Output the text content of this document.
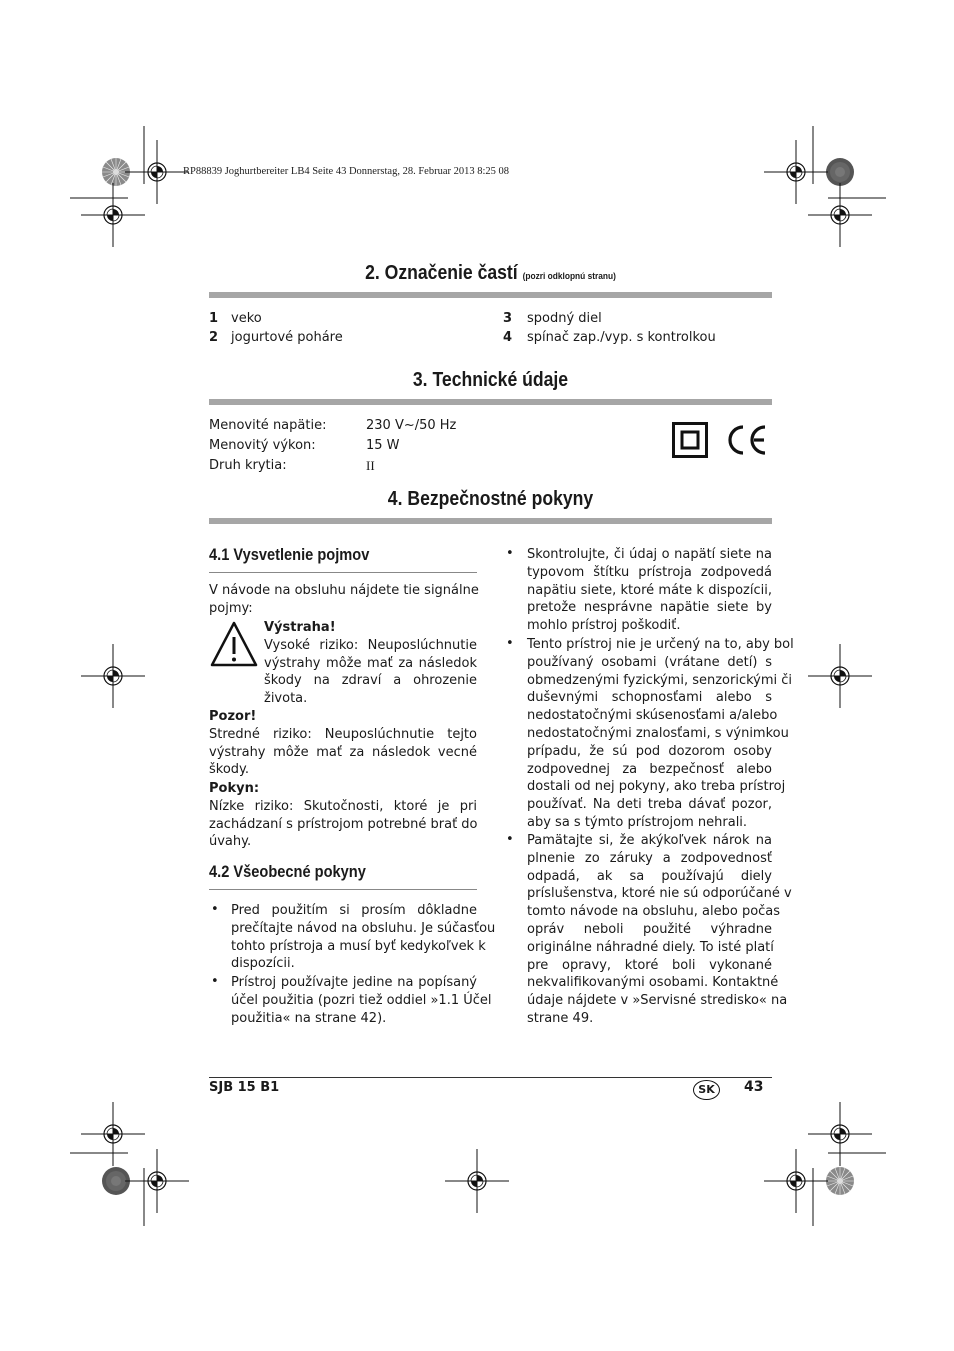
RP88839 Joghurtbereiter LB4 Seite 43 Donnerstag, 28. Februar 2013 8:25 08
2. Označenie častí (pozri odklopnú stranu)
1 veko
2 jogurtové poháre
3 spodný diel
4 spínač zap./vyp. s kontrolkou
3. Technické údaje
Menovité napätie:	230 V~/50 Hz
Menovitý výkon:	15 W
Druh krytia:	II
4. Bezpečnostné pokyny
4.1 Vysvetlenie pojmov
V návode na obsluhu nájdete tie signálne
pojmy:
Výstraha!
Vysoké riziko: Neuposlúchnutie
výstrahy môže mať za následok
škody na zdraví a ohrozenie
života.
Pozor!
Stredné riziko: Neuposlúchnutie tejto
výstrahy môže mať za následok vecné
škody.
Pokyn:
Nízke riziko: Skutočnosti, ktoré je pri
zachádzaní s prístrojom potrebné brať do
úvahy.
4.2 Všeobecné pokyny
• Pred použitím si prosím dôkladne
prečítajte návod na obsluhu. Je súčasťou
tohto prístroja a musí byť kedykoľvek k
dispozícii.
• Prístroj používajte jedine na popísaný
účel použitia (pozri tiež oddiel »1.1 Účel
použitia« na strane 42).
• Skontrolujte, či údaj o napätí siete na
typovom štítku prístroja zodpovedá
napätiu siete, ktoré máte k dispozícii,
pretože nesprávne napätie siete by
mohlo prístroj poškodiť.
• Tento prístroj nie je určený na to, aby bol
používaný osobami (vrátane detí) s
obmedzenými fyzickými, senzorickými či
duševnými schopnosťami alebo s
nedostatočnými skúsenosťami a/alebo
nedostatočnými znalosťami, s výnimkou
prípadu, že sú pod dozorom osoby
zodpovednej za bezpečnosť alebo
dostali od nej pokyny, ako treba prístroj
používať. Na deti treba dávať pozor,
aby sa s týmto prístrojom nehrali.
• Pamätajte si, že akýkoľvek nárok na
plnenie zo záruky a zodpovednosť
odpadá, ak sa používajú diely
príslušenstva, ktoré nie sú odporúčané v
tomto návode na obsluhu, alebo počas
opráv neboli použité výhradne
originálne náhradné diely. To isté platí
pre opravy, ktoré boli vykonané
nekvalifikovanými osobami. Kontaktné
údaje nájdete v »Servisné stredisko« na
strane 49.
SJB 15 B1	SK	43
